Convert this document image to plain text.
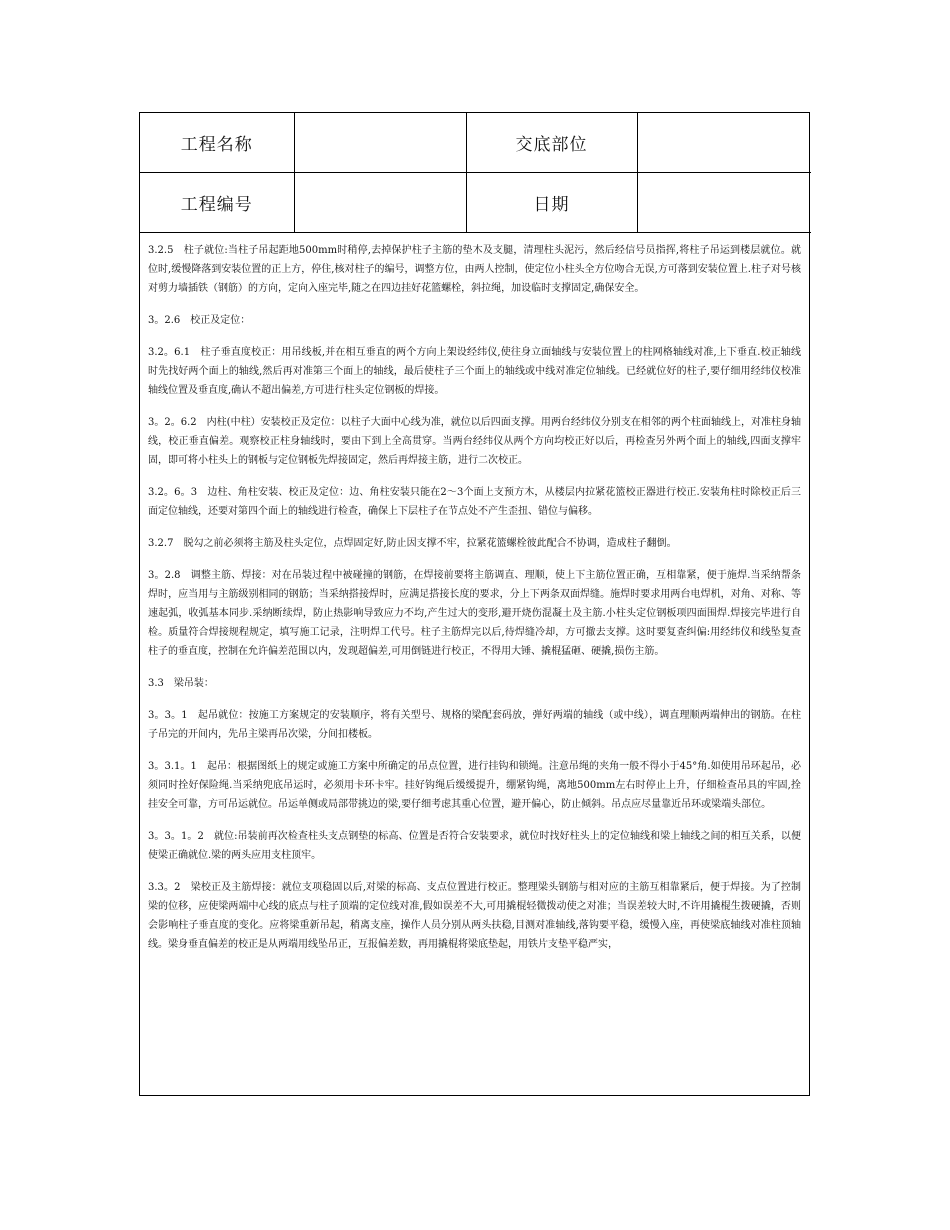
工程名称		交底部位	
工程编号		日期	

3.2.5　柱子就位:当柱子吊起距地500mm时稍停,去掉保护柱子主筋的垫木及支腿，清理柱头泥污，然后经信号员指挥,将柱子吊运到楼层就位。就位时,缓慢降落到安装位置的正上方，停住,核对柱子的编号，调整方位，由两人控制，使定位小柱头全方位吻合无误,方可落到安装位置上.柱子对号核对剪力墙插铁（钢筋）的方向，定向入座完毕,随之在四边挂好花篮螺栓，斜拉绳，加设临时支撑固定,确保安全。

3。2.6　校正及定位：

3.2。6.1　柱子垂直度校正：用吊线板,并在相互垂直的两个方向上架设经纬仪,使往身立面轴线与安装位置上的柱网格轴线对准,上下垂直.校正轴线时先找好两个面上的轴线,然后再对准第三个面上的轴线，最后使柱子三个面上的轴线或中线对准定位轴线。已经就位好的柱子,要仔细用经纬仪校准轴线位置及垂直度,确认不超出偏差,方可进行柱头定位钢板的焊接。

3。2。6.2　内柱(中柱）安装校正及定位：以柱子大面中心线为准，就位以后四面支撑。用两台经纬仪分别支在相邻的两个柱面轴线上，对准柱身轴线，校正垂直偏差。观察校正柱身轴线时，要由下到上全高贯穿。当两台经纬仪从两个方向均校正好以后，再检查另外两个面上的轴线,四面支撑牢固，即可将小柱头上的钢板与定位钢板先焊接固定，然后再焊接主筋，进行二次校正。

3.2。6。3　边柱、角柱安装、校正及定位：边、角柱安装只能在2～3个面上支预方木，从楼层内拉紧花篮校正器进行校正.安装角柱时除校正后三面定位轴线，还要对第四个面上的轴线进行检查，确保上下层柱子在节点处不产生歪扭、错位与偏移。

3.2.7　脱勾之前必须将主筋及柱头定位，点焊固定好,防止因支撑不牢，拉紧花篮螺栓彼此配合不协调，造成柱子翻倒。

3。2.8　调整主筋、焊接：对在吊装过程中被碰撞的钢筋，在焊接前要将主筋调直、理顺，使上下主筋位置正确，互相靠紧，便于施焊.当采纳帮条焊时，应当用与主筋级别相同的钢筋；当采纳搭接焊时，应满足搭接长度的要求，分上下两条双面焊缝。施焊时要求用两台电焊机，对角、对称、等速起弧，收弧基本同步.采纳断续焊，防止热影响导致应力不均,产生过大的变形,避开烧伤混凝土及主筋.小柱头定位钢板项四面围焊.焊接完毕进行自检。质量符合焊接规程规定，填写施工记录，注明焊工代号。柱子主筋焊完以后,待焊缝冷却，方可撤去支撑。这时要复查纠偏:用经纬仪和线坠复查柱子的垂直度，控制在允许偏差范围以内，发现超偏差,可用倒链进行校正，不得用大锤、撬棍猛砸、硬撬,损伤主筋。

3.3　梁吊装：

3。3。1　起吊就位：按施工方案规定的安装顺序，将有关型号、规格的梁配套码放，弹好两端的轴线（或中线），调直理顺两端伸出的钢筋。在柱子吊完的开间内，先吊主梁再吊次梁，分间扣楼板。

3。3.1。1　起吊：根据图纸上的规定或施工方案中所确定的吊点位置，进行挂钩和锁绳。注意吊绳的夹角一般不得小于45°角.如使用吊环起吊，必须同时拴好保险绳.当采纳兜底吊运时，必须用卡环卡牢。挂好钩绳后缓缓提升，绷紧钩绳，离地500mm左右时停止上升，仔细检查吊具的牢固,拴挂安全可靠，方可吊运就位。吊运单侧或局部带挑边的梁,要仔细考虑其重心位置，避开偏心，防止倾斜。吊点应尽量靠近吊环或梁端头部位。

3。3。1。2　就位:吊装前再次检查柱头支点钢垫的标高、位置是否符合安装要求，就位时找好柱头上的定位轴线和梁上轴线之间的相互关系，以便使梁正确就位.梁的两头应用支柱顶牢。

3.3。2　梁校正及主筋焊接：就位支项稳固以后,对梁的标高、支点位置进行校正。整理梁头钢筋与相对应的主筋互相靠紧后，便于焊接。为了控制梁的位移，应使梁两端中心线的底点与柱子顶端的定位线对准,假如误差不大,可用撬棍轻微拨动使之对准；当误差较大时,不许用撬棍生拨硬撬，否则会影响柱子垂直度的变化。应将梁重新吊起，稍离支座，操作人员分别从两头扶稳,目测对准轴线,落钩要平稳，缓慢入座，再使梁底轴线对准柱顶轴线。梁身垂直偏差的校正是从两端用线坠吊正，互报偏差数，再用撬棍将梁底垫起，用铁片支垫平稳严实，
